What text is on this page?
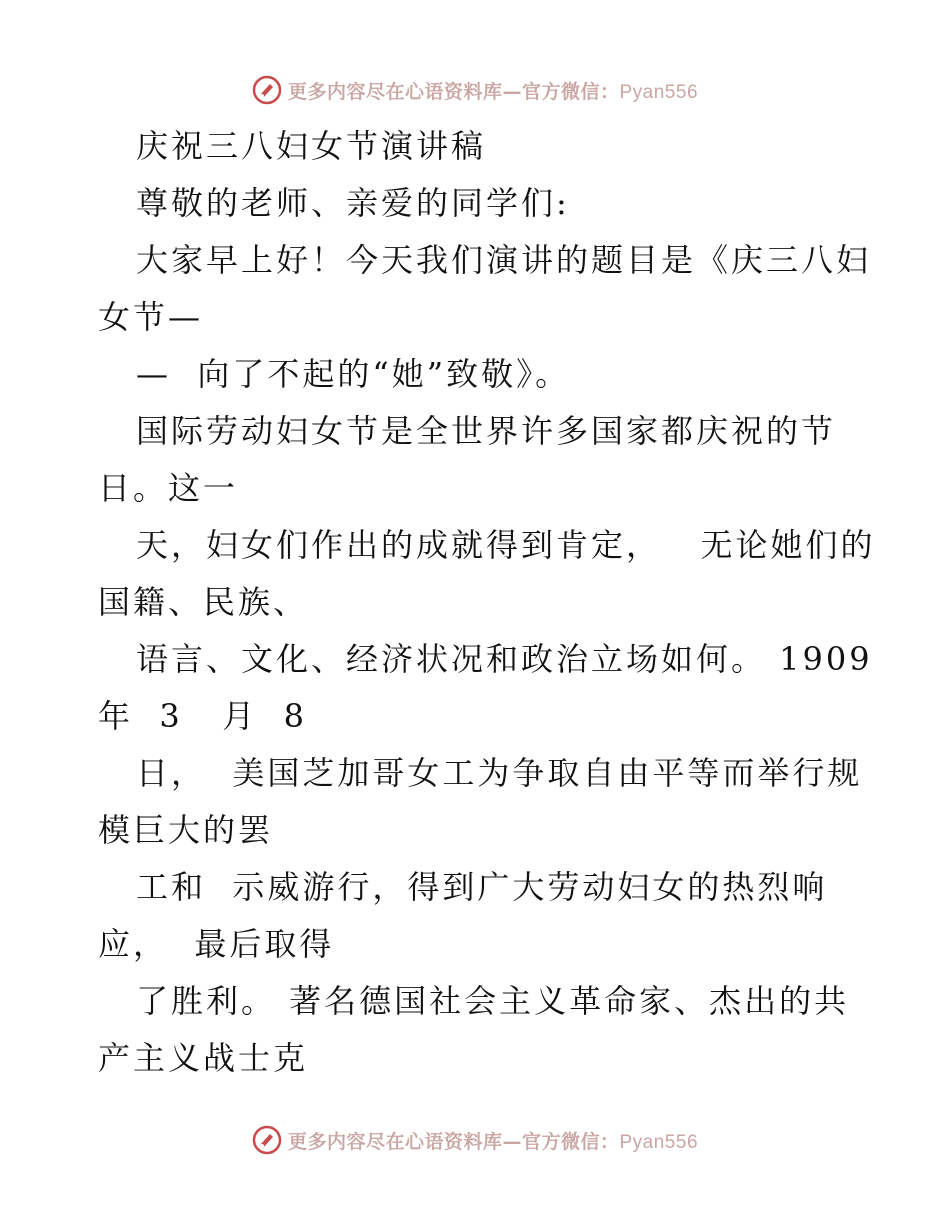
更多内容尽在心语资料库—官方微信：Pyan556
庆祝三八妇女节演讲稿
尊敬的老师、亲爱的同学们:
大家早上好！今天我们演讲的题目是《庆三八妇
女节—
—  向了不起的“她”致敬》。
国际劳动妇女节是全世界许多国家都庆祝的节
日。这一
天，妇女们作出的成就得到肯定，   无论她们的
国籍、民族、
语言、文化、经济状况和政治立场如何。 1909
年  3   月  8
日，  美国芝加哥女工为争取自由平等而举行规
模巨大的罢
工和  示威游行，得到广大劳动妇女的热烈响
应，  最后取得
了胜利。 著名德国社会主义革命家、杰出的共
产主义战士克
更多内容尽在心语资料库—官方微信：Pyan556
